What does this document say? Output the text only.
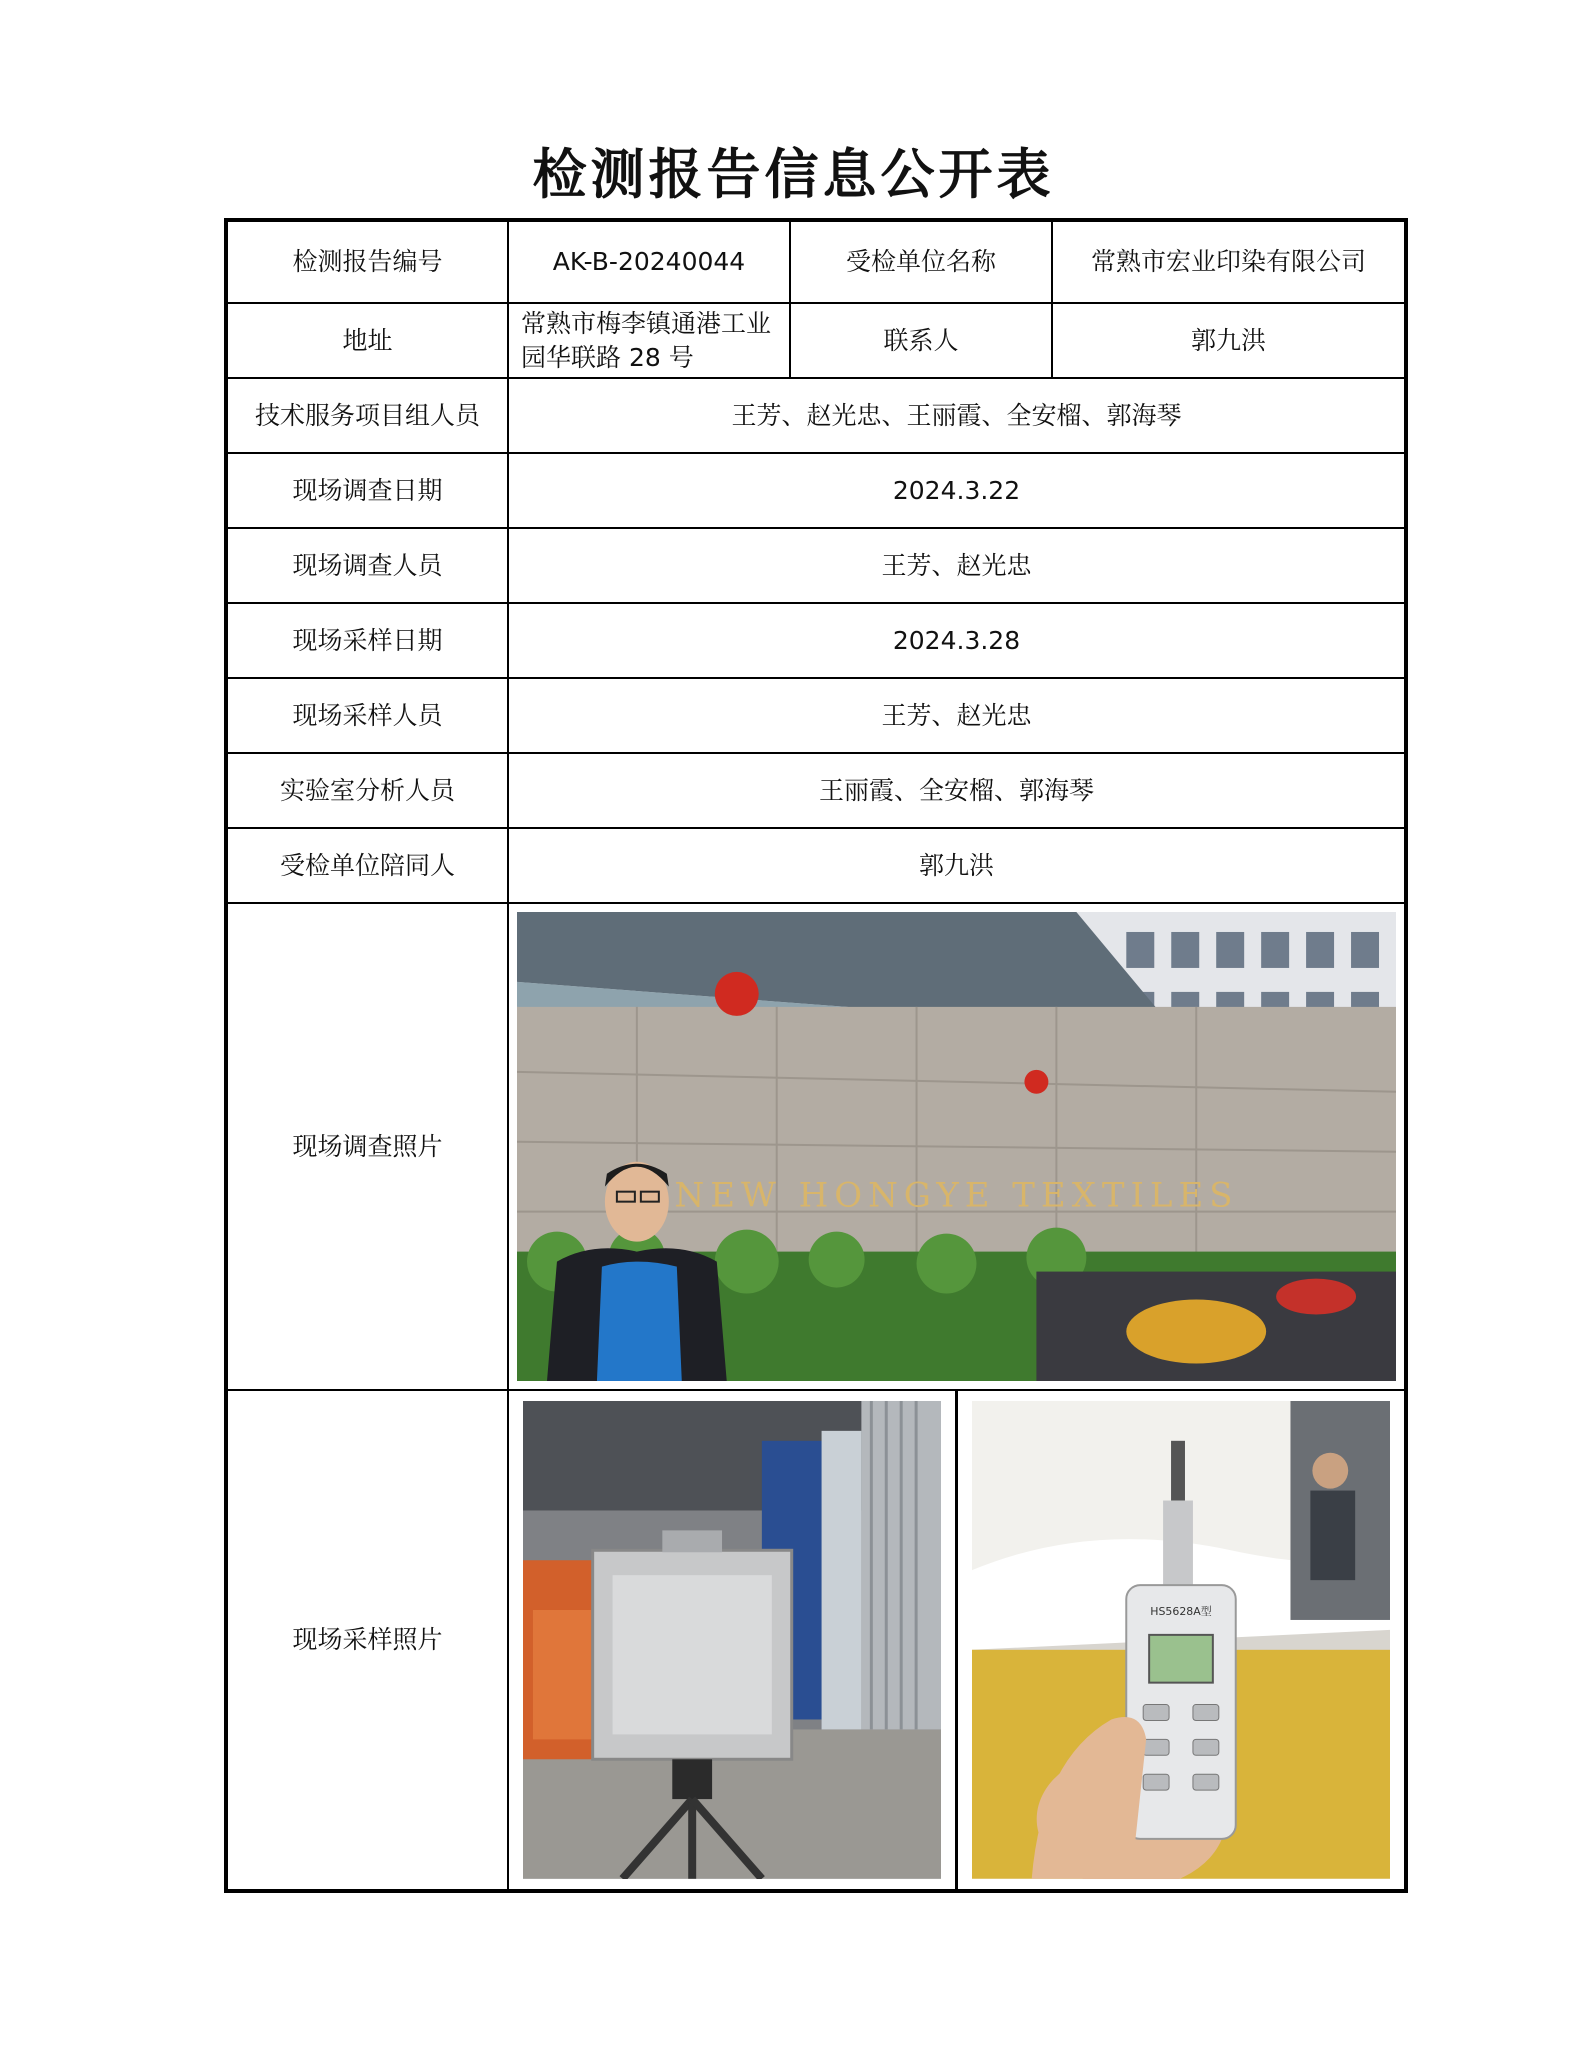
检测报告信息公开表
检测报告编号	AK-B-20240044	受检单位名称	常熟市宏业印染有限公司
地址	常熟市梅李镇通港工业园华联路 28 号	联系人	郭九洪
技术服务项目组人员	王芳、赵光忠、王丽霞、全安榴、郭海琴		
现场调查日期	2024.3.22		
现场调查人员	王芳、赵光忠		
现场采样日期	2024.3.28		
现场采样人员	王芳、赵光忠		
实验室分析人员	王丽霞、全安榴、郭海琴		
受检单位陪同人	郭九洪		
现场调查照片	NEW HONGYE TEXTILES		

现场采样照片	HS5628A型		
